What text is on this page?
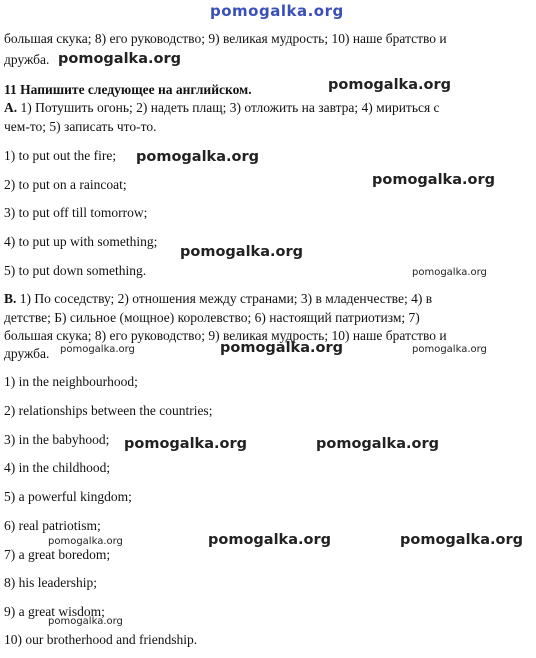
pomogalka.org
большая скука; 8) его руководство; 9) великая мудрость; 10) наше братство и
дружба. pomogalka.org
11 Напишите следующее на английском.	pomogalka.org
А. 1) Потушить огонь; 2) надеть плащ; 3) отложить на завтра; 4) мириться с
чем-то; 5) записать что-то.
1) to put out the fire; pomogalka.org
2) to put on a raincoat;	pomogalka.org
3) to put off till tomorrow;
4) to put up with something;
pomogalka.org
5) to put down something.	pomogalka.org
B. 1) По соседству; 2) отношения между странами; 3) в младенчестве; 4) в
детстве; Б) сильное (мощное) королевство; 6) настоящий патриотизм; 7)
большая скука; 8) его руководство; 9) великая мудрость; 10) наше братство и
дружба. pomogalka.org	pomogalka.org	pomogalka.org
1) in the neighbourhood;
2) relationships between the countries;
3) in the babyhood; pomogalka.org	pomogalka.org
4) in the childhood;
5) a powerful kingdom;
6) real patriotism;
pomogalka.org	pomogalka.org	pomogalka.org
7) a great boredom;
8) his leadership;
9) a great wisdom;
pomogalka.org
10) our brotherhood and friendship.
